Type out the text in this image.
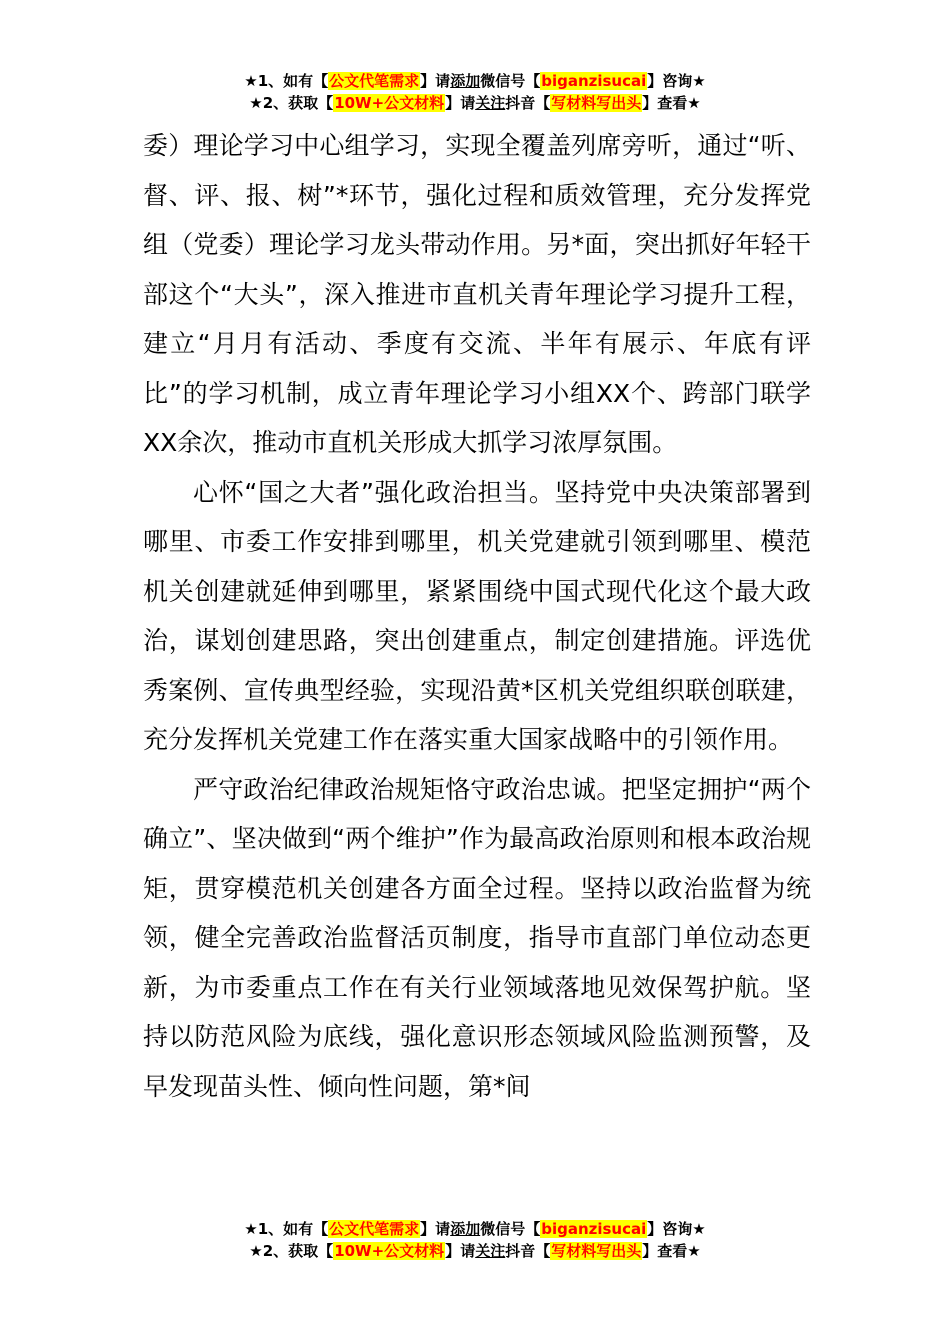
★1、如有【公文代笔需求】请添加微信号【biganzisucai】咨询★
★2、获取【10W+公文材料】请关注抖音【写材料写出头】查看★

委）理论学习中心组学习，实现全覆盖列席旁听，通过“听、督、评、报、树”*环节，强化过程和质效管理，充分发挥党组（党委）理论学习龙头带动作用。另*面，突出抓好年轻干部这个“大头”，深入推进市直机关青年理论学习提升工程，建立“月月有活动、季度有交流、半年有展示、年底有评比”的学习机制，成立青年理论学习小组XX个、跨部门联学XX余次，推动市直机关形成大抓学习浓厚氛围。

心怀“国之大者”强化政治担当。坚持党中央决策部署到哪里、市委工作安排到哪里，机关党建就引领到哪里、模范机关创建就延伸到哪里，紧紧围绕中国式现代化这个最大政治，谋划创建思路，突出创建重点，制定创建措施。评选优秀案例、宣传典型经验，实现沿黄*区机关党组织联创联建，充分发挥机关党建工作在落实重大国家战略中的引领作用。

严守政治纪律政治规矩恪守政治忠诚。把坚定拥护“两个确立”、坚决做到“两个维护”作为最高政治原则和根本政治规矩，贯穿模范机关创建各方面全过程。坚持以政治监督为统领，健全完善政治监督活页制度，指导市直部门单位动态更新，为市委重点工作在有关行业领域落地见效保驾护航。坚持以防范风险为底线，强化意识形态领域风险监测预警，及早发现苗头性、倾向性问题，第*间

★1、如有【公文代笔需求】请添加微信号【biganzisucai】咨询★
★2、获取【10W+公文材料】请关注抖音【写材料写出头】查看★
